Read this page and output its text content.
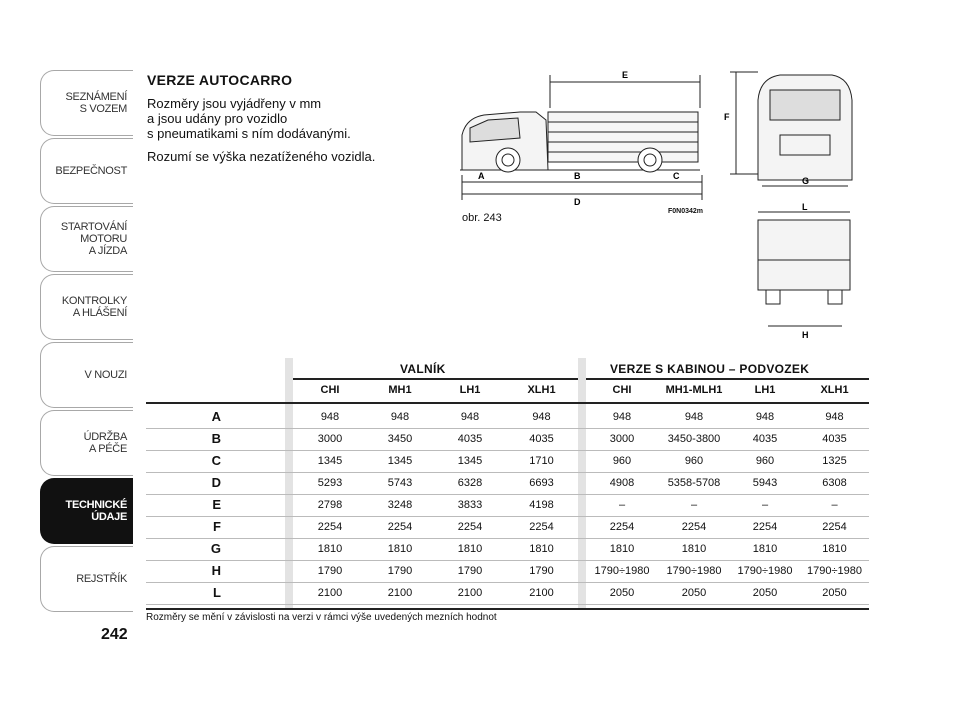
SEZNÁMENÍ
S VOZEM
BEZPEČNOST
STARTOVÁNÍ
MOTORU
A JÍZDA
KONTROLKY
A HLÁŠENÍ
V NOUZI
ÚDRŽBA
A PÉČE
TECHNICKÉ
ÚDAJE
REJSTŘÍK
242
VERZE AUTOCARRO

Rozměry jsou vyjádřeny v mm
a jsou udány pro vozidlo
s pneumatikami s ním dodávanými.

Rozumí se výška nezatíženého vozidla.

A	B	C
D
E
F
G
L
H
obr. 243
F0N0342m
VALNÍK	VERZE S KABINOU – PODVOZEK
CHI	MH1	LH1	XLH1	CHI	MH1-MLH1	LH1	XLH1
A	948	948	948	948	948	948	948	948
B	3000	3450	4035	4035	3000	3450-3800	4035	4035
C	1345	1345	1345	1710	960	960	960	1325
D	5293	5743	6328	6693	4908	5358-5708	5943	6308
E	2798	3248	3833	4198	–	–	–	–
F	2254	2254	2254	2254	2254	2254	2254	2254
G	1810	1810	1810	1810	1810	1810	1810	1810
H	1790	1790	1790	1790	1790÷1980	1790÷1980	1790÷1980	1790÷1980
L	2100	2100	2100	2100	2050	2050	2050	2050
Rozměry se mění v závislosti na verzi v rámci výše uvedených mezních hodnot
